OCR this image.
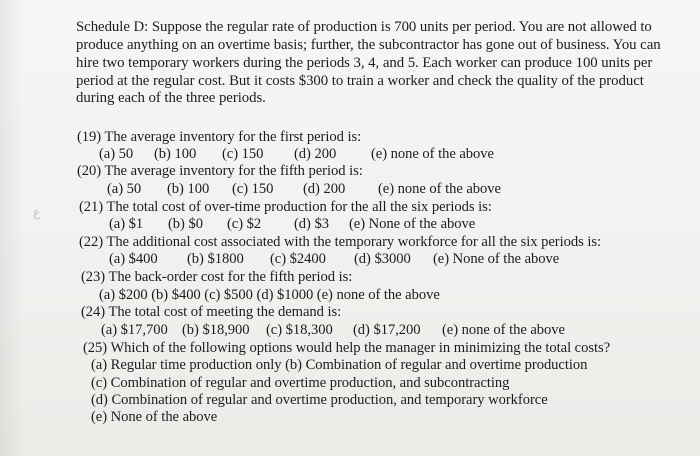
ع
Schedule D: Suppose the regular rate of production is 700 units per period. You are not allowed to
produce anything on an overtime basis; further, the subcontractor has gone out of business. You can
hire two temporary workers during the periods 3, 4, and 5. Each worker can produce 100 units per
period at the regular cost. But it costs $300 to train a worker and check the quality of the product
during each of the three periods.
(19) The average inventory for the first period is:
(a) 50 (b) 100 (c) 150 (d) 200 (e) none of the above
(20) The average inventory for the fifth period is:
(a) 50 (b) 100 (c) 150 (d) 200 (e) none of the above
(21) The total cost of over-time production for the all the six periods is:
(a) $1 (b) $0 (c) $2 (d) $3 (e) None of the above
(22) The additional cost associated with the temporary workforce for all the six periods is:
(a) $400 (b) $1800 (c) $2400 (d) $3000 (e) None of the above
(23) The back-order cost for the fifth period is:
(a) $200 (b) $400 (c) $500 (d) $1000 (e) none of the above
(24) The total cost of meeting the demand is:
(a) $17,700 (b) $18,900 (c) $18,300 (d) $17,200 (e) none of the above
(25) Which of the following options would help the manager in minimizing the total costs?
(a) Regular time production only (b) Combination of regular and overtime production
(c) Combination of regular and overtime production, and subcontracting
(d) Combination of regular and overtime production, and temporary workforce
(e) None of the above
